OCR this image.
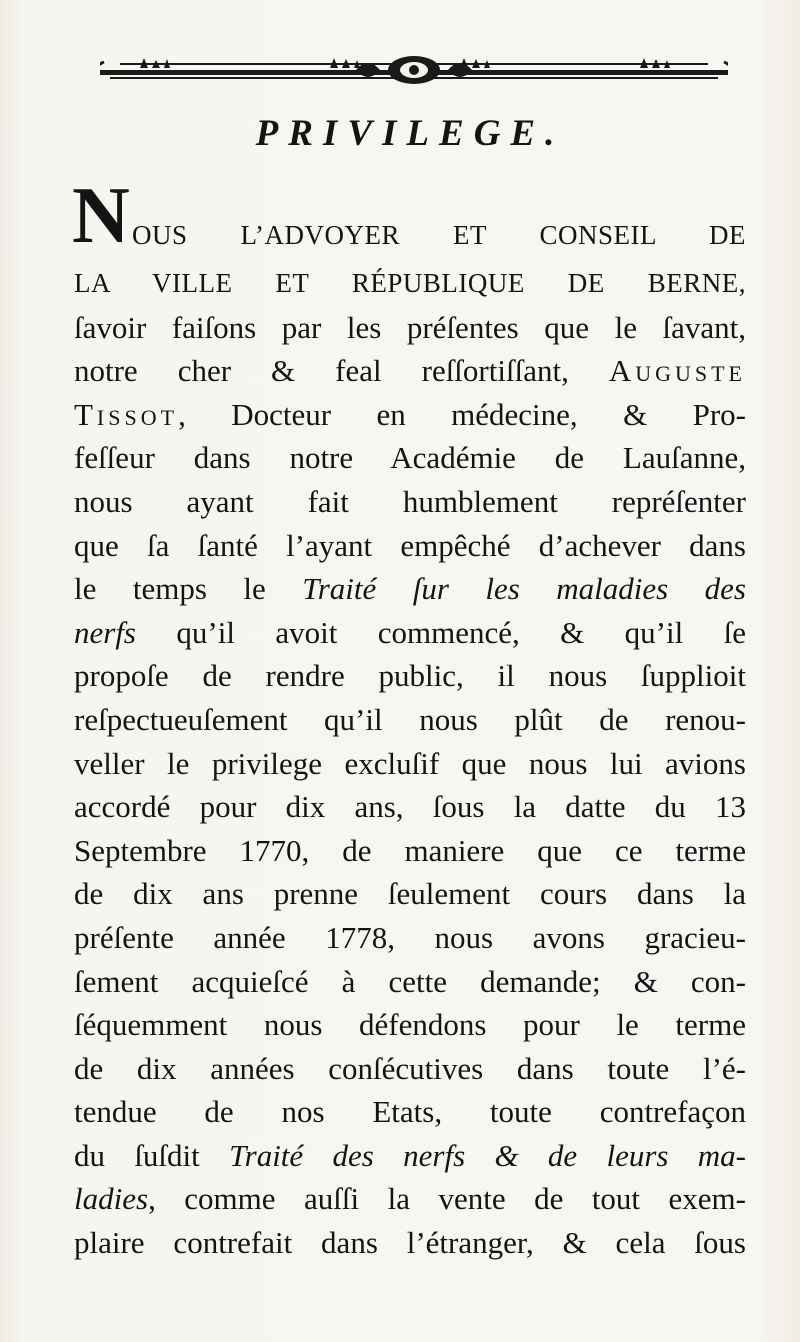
PRIVILEGE.
N OUS L’ADVOYER ET CONSEIL DE
LA VILLE ET RÉPUBLIQUE DE BERNE,
ſavoir faiſons par les préſentes que le ſavant,
notre cher & feal reſſortiſſant, Auguste
Tissot, Docteur en médecine, & Pro-
feſſeur dans notre Académie de Lauſanne,
nous ayant fait humblement repréſenter
que ſa ſanté l’ayant empêché d’achever dans
le temps le Traité ſur les maladies des
nerfs qu’il avoit commencé, & qu’il ſe
propoſe de rendre public, il nous ſupplioit
reſpectueuſement qu’il nous plût de renou-
veller le privilege excluſif que nous lui avions
accordé pour dix ans, ſous la datte du 13
Septembre 1770, de maniere que ce terme
de dix ans prenne ſeulement cours dans la
préſente année 1778, nous avons gracieu-
ſement acquieſcé à cette demande; & con-
ſéquemment nous défendons pour le terme
de dix années conſécutives dans toute l’é-
tendue de nos Etats, toute contrefaçon
du ſuſdit Traité des nerfs & de leurs ma-
ladies, comme auſſi la vente de tout exem-
plaire contrefait dans l’étranger, & cela ſous
